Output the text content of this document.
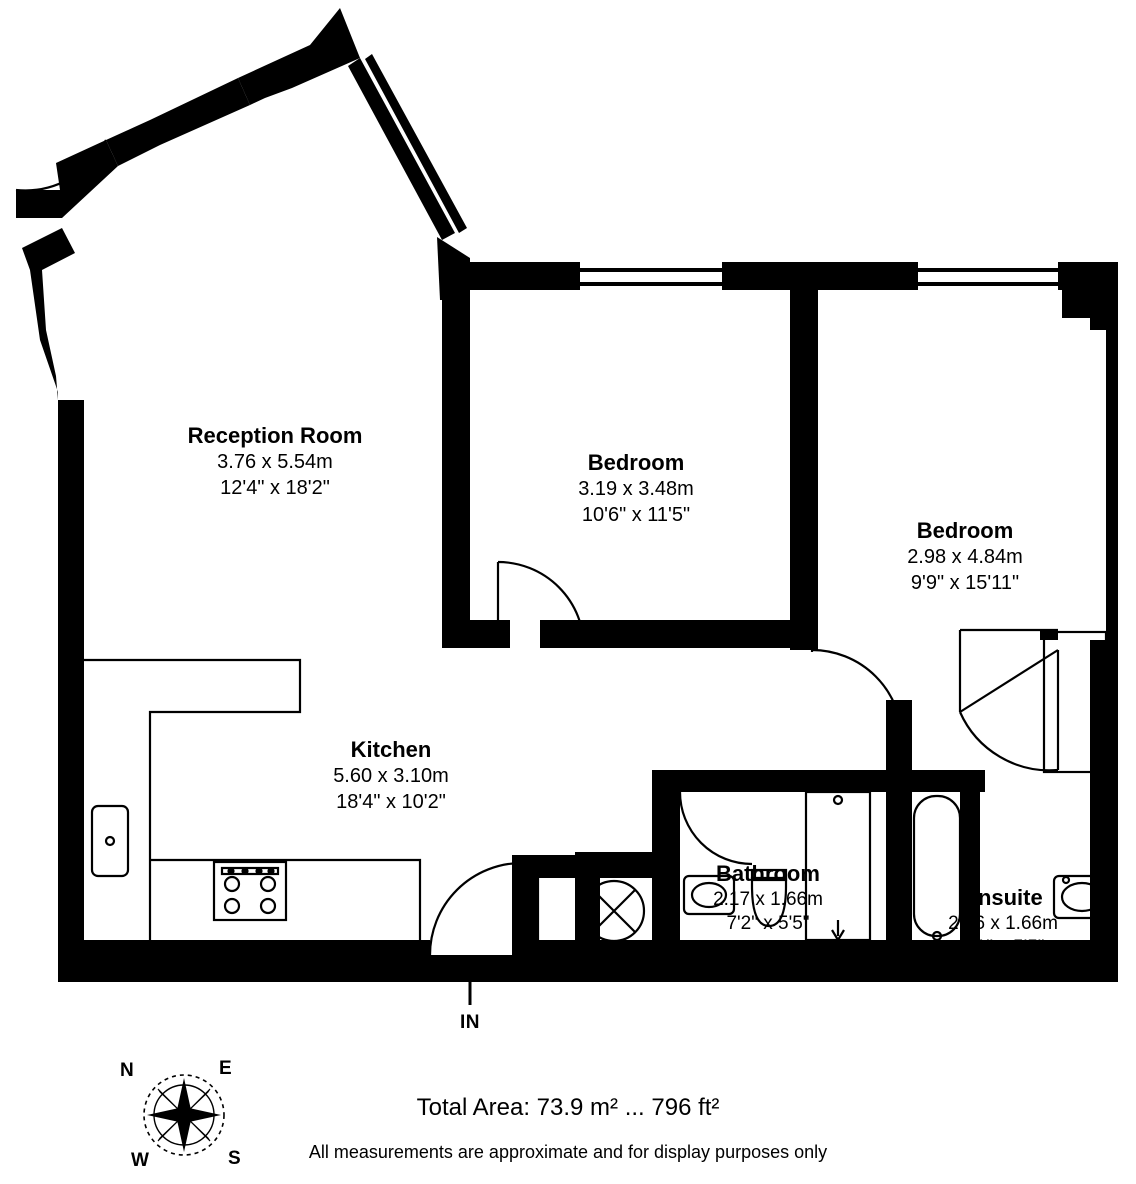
Reception Room
3.76 x 5.54m
12'4" x 18'2"
Bedroom
3.19 x 3.48m
10'6" x 11'5"
Bedroom
2.98 x 4.84m
9'9" x 15'11"
Kitchen
5.60 x 3.10m
18'4" x 10'2"
Bathroom
2.17 x 1.66m
7'2" x 5'5"
Ensuite
2.16 x 1.66m
7'1" x 5'5"
IN
N	E
S
W
Total Area: 73.9 m² ... 796 ft²
All measurements are approximate and for display purposes only
